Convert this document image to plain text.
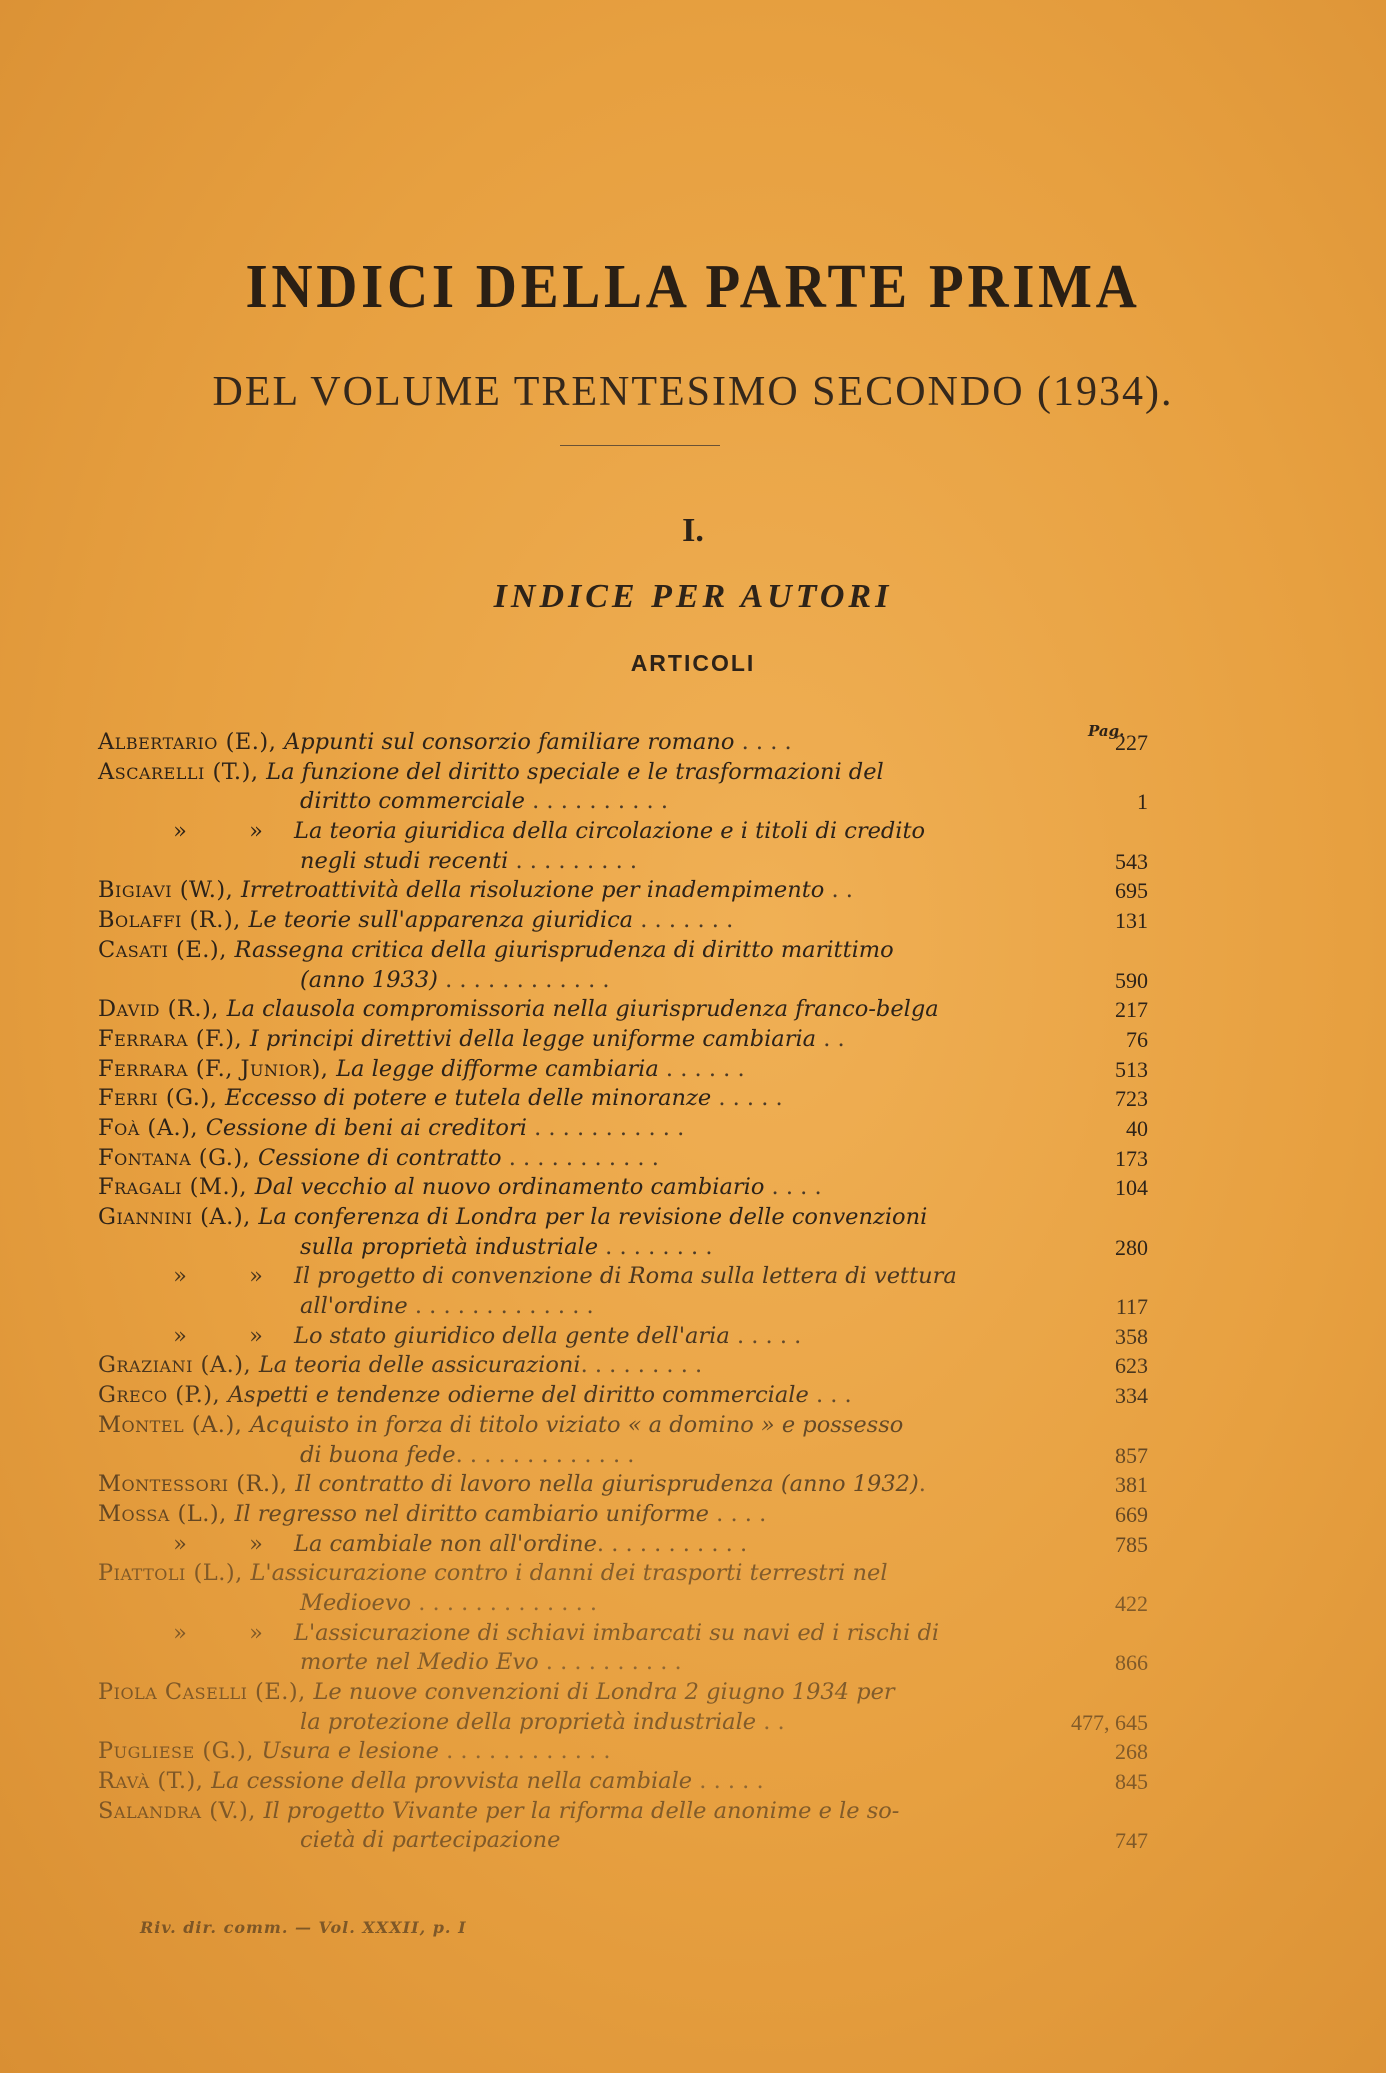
INDICI DELLA PARTE PRIMA
DEL VOLUME TRENTESIMO SECONDO (1934).
I.
INDICE PER AUTORI
ARTICOLI
Pag.
Albertario (E.), Appunti sul consorzio familiare romano . . . .	227
Ascarelli (T.), La funzione del diritto speciale e le trasformazioni del
diritto commerciale . . . . . . . . . .	1
»	» La teoria giuridica della circolazione e i titoli di credito
negli studi recenti . . . . . . . . .	543
Bigiavi (W.), Irretroattività della risoluzione per inadempimento . .	695
Bolaffi (R.), Le teorie sull'apparenza giuridica . . . . . . .	131
Casati (E.), Rassegna critica della giurisprudenza di diritto marittimo
(anno 1933) . . . . . . . . . . . .	590
David (R.), La clausola compromissoria nella giurisprudenza franco-belga	217
Ferrara (F.), I principi direttivi della legge uniforme cambiaria . .	76
Ferrara (F., Junior), La legge difforme cambiaria . . . . . .	513
Ferri (G.), Eccesso di potere e tutela delle minoranze . . . . .	723
Foà (A.), Cessione di beni ai creditori . . . . . . . . . . .	40
Fontana (G.), Cessione di contratto . . . . . . . . . . .	173
Fragali (M.), Dal vecchio al nuovo ordinamento cambiario . . . .	104
Giannini (A.), La conferenza di Londra per la revisione delle convenzioni
sulla proprietà industriale . . . . . . . .	280
»	» Il progetto di convenzione di Roma sulla lettera di vettura
all'ordine . . . . . . . . . . . . .	117
»	» Lo stato giuridico della gente dell'aria . . . . .	358
Graziani (A.), La teoria delle assicurazioni. . . . . . . . .	623
Greco (P.), Aspetti e tendenze odierne del diritto commerciale . . .	334
Montel (A.), Acquisto in forza di titolo viziato « a domino » e possesso
di buona fede. . . . . . . . . . . . .	857
Montessori (R.), Il contratto di lavoro nella giurisprudenza (anno 1932).	381
Mossa (L.), Il regresso nel diritto cambiario uniforme . . . .	669
»	» La cambiale non all'ordine. . . . . . . . . . .	785
Piattoli (L.), L'assicurazione contro i danni dei trasporti terrestri nel
Medioevo . . . . . . . . . . . . .	422
»	» L'assicurazione di schiavi imbarcati su navi ed i rischi di
morte nel Medio Evo . . . . . . . . . .	866
Piola Caselli (E.), Le nuove convenzioni di Londra 2 giugno 1934 per
la protezione della proprietà industriale . .	477, 645
Pugliese (G.), Usura e lesione . . . . . . . . . . . .	268
Ravà (T.), La cessione della provvista nella cambiale . . . . .	845
Salandra (V.), Il progetto Vivante per la riforma delle anonime e le so-
cietà di partecipazione	747
Riv. dir. comm. — Vol. XXXII, p. I
